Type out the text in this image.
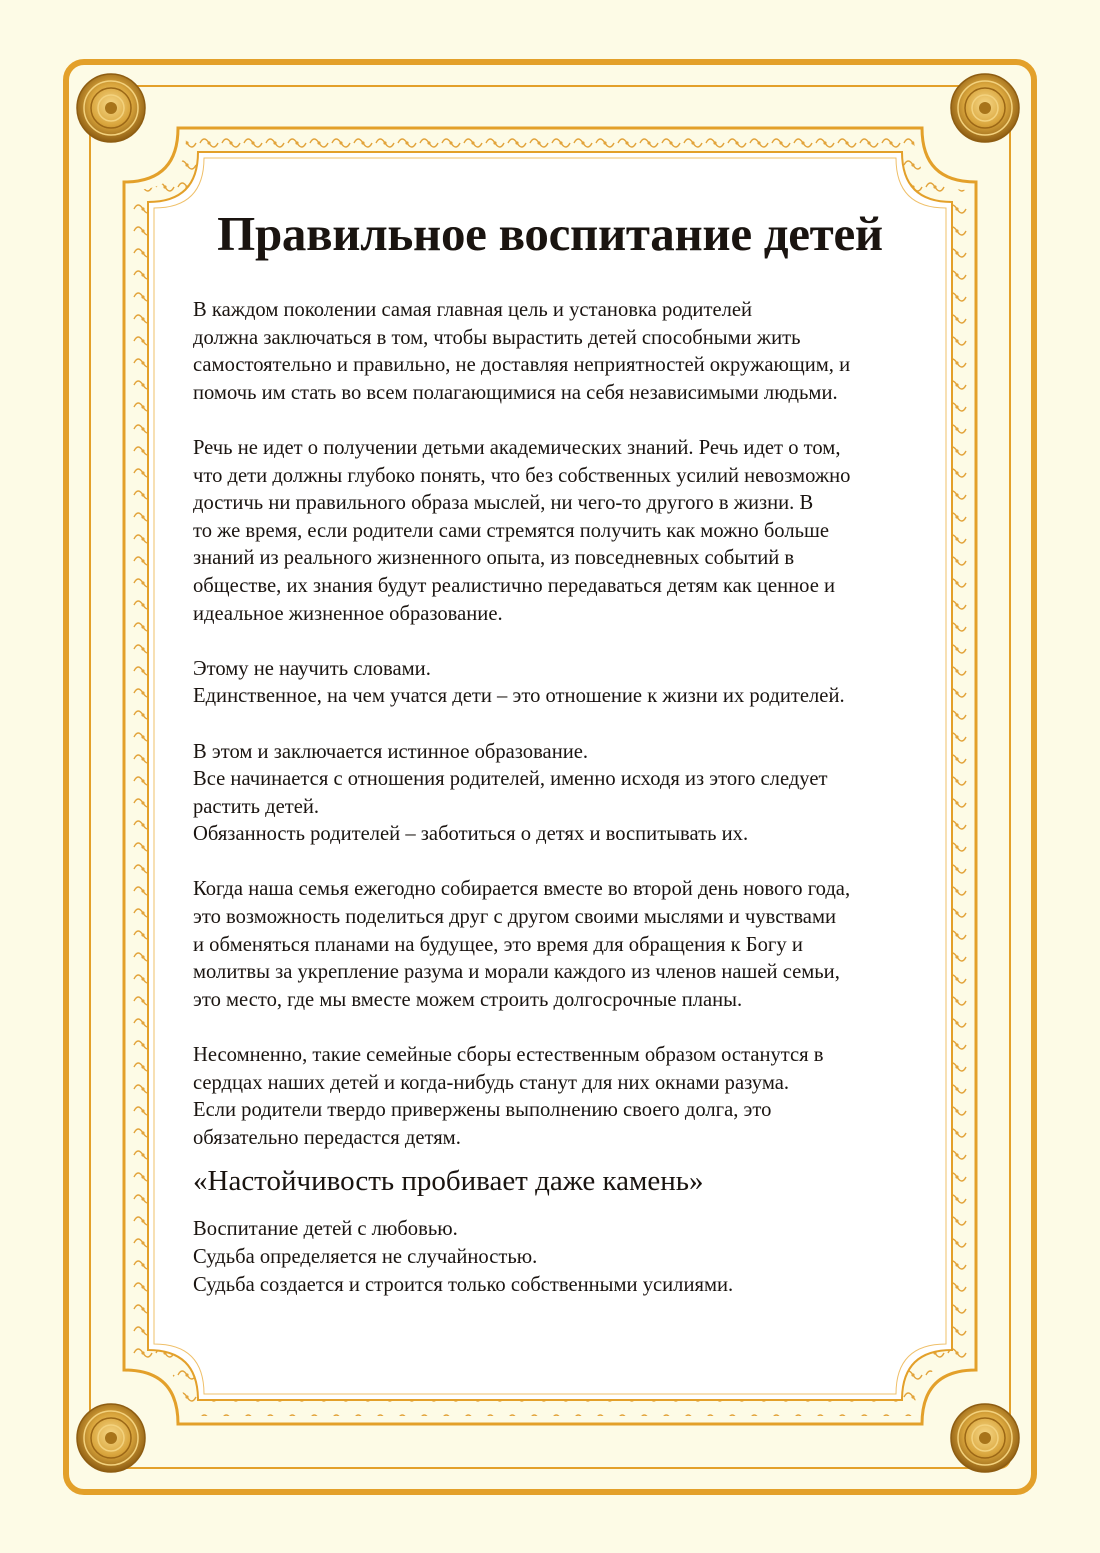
Правильное воспитание детей

В каждом поколении самая главная цель и установка родителей
должна заключаться в том, чтобы вырастить детей способными жить
самостоятельно и правильно, не доставляя неприятностей окружающим, и
помочь им стать во всем полагающимися на себя независимыми людьми.

Речь не идет о получении детьми академических знаний. Речь идет о том,
что дети должны глубоко понять, что без собственных усилий невозможно
достичь ни правильного образа мыслей, ни чего-то другого в жизни. В
то же время, если родители сами стремятся получить как можно больше
знаний из реального жизненного опыта, из повседневных событий в
обществе, их знания будут реалистично передаваться детям как ценное и
идеальное жизненное образование.

Этому не научить словами.
Единственное, на чем учатся дети – это отношение к жизни их родителей.

В этом и заключается истинное образование.
Все начинается с отношения родителей, именно исходя из этого следует
растить детей.
Обязанность родителей – заботиться о детях и воспитывать их.

Когда наша семья ежегодно собирается вместе во второй день нового года,
это возможность поделиться друг с другом своими мыслями и чувствами
и обменяться планами на будущее, это время для обращения к Богу и
молитвы за укрепление разума и морали каждого из членов нашей семьи,
это место, где мы вместе можем строить долгосрочные планы.

Несомненно, такие семейные сборы естественным образом останутся в
сердцах наших детей и когда-нибудь станут для них окнами разума.
Если родители твердо привержены выполнению своего долга, это
обязательно передастся детям.

«Настойчивость пробивает даже камень»

Воспитание детей с любовью.
Судьба определяется не случайностью.
Судьба создается и строится только собственными усилиями.
